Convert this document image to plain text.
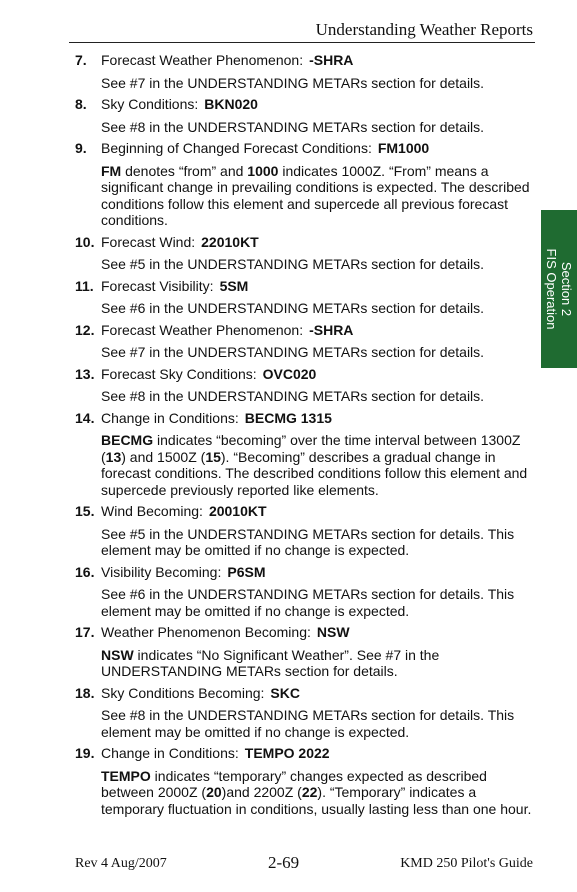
Understanding Weather Reports
Section 2
FIS Operation
7.	Forecast Weather Phenomenon: -SHRA
See #7 in the UNDERSTANDING METARs section for details.
8.	Sky Conditions: BKN020
See #8 in the UNDERSTANDING METARs section for details.
9.	Beginning of Changed Forecast Conditions: FM1000
FM denotes “from” and 1000 indicates 1000Z. “From” means a significant change in prevailing conditions is expected. The described conditions follow this element and supercede all previous forecast conditions.
10. Forecast Wind: 22010KT
See #5 in the UNDERSTANDING METARs section for details.
11. Forecast Visibility: 5SM
See #6 in the UNDERSTANDING METARs section for details.
12. Forecast Weather Phenomenon: -SHRA
See #7 in the UNDERSTANDING METARs section for details.
13. Forecast Sky Conditions: OVC020
See #8 in the UNDERSTANDING METARs section for details.
14. Change in Conditions: BECMG 1315
BECMG indicates “becoming” over the time interval between 1300Z (13) and 1500Z (15). “Becoming” describes a gradual change in forecast conditions. The described conditions follow this element and supercede previously reported like elements.
15. Wind Becoming: 20010KT
See #5 in the UNDERSTANDING METARs section for details. This element may be omitted if no change is expected.
16. Visibility Becoming: P6SM
See #6 in the UNDERSTANDING METARs section for details. This element may be omitted if no change is expected.
17. Weather Phenomenon Becoming: NSW
NSW indicates “No Significant Weather”. See #7 in the UNDERSTANDING METARs section for details.
18. Sky Conditions Becoming: SKC
See #8 in the UNDERSTANDING METARs section for details. This element may be omitted if no change is expected.
19. Change in Conditions: TEMPO 2022
TEMPO indicates “temporary” changes expected as described between 2000Z (20)and 2200Z (22). “Temporary” indicates a temporary fluctuation in conditions, usually lasting less than one hour.
Rev 4 Aug/2007	2-69	KMD 250 Pilot's Guide
